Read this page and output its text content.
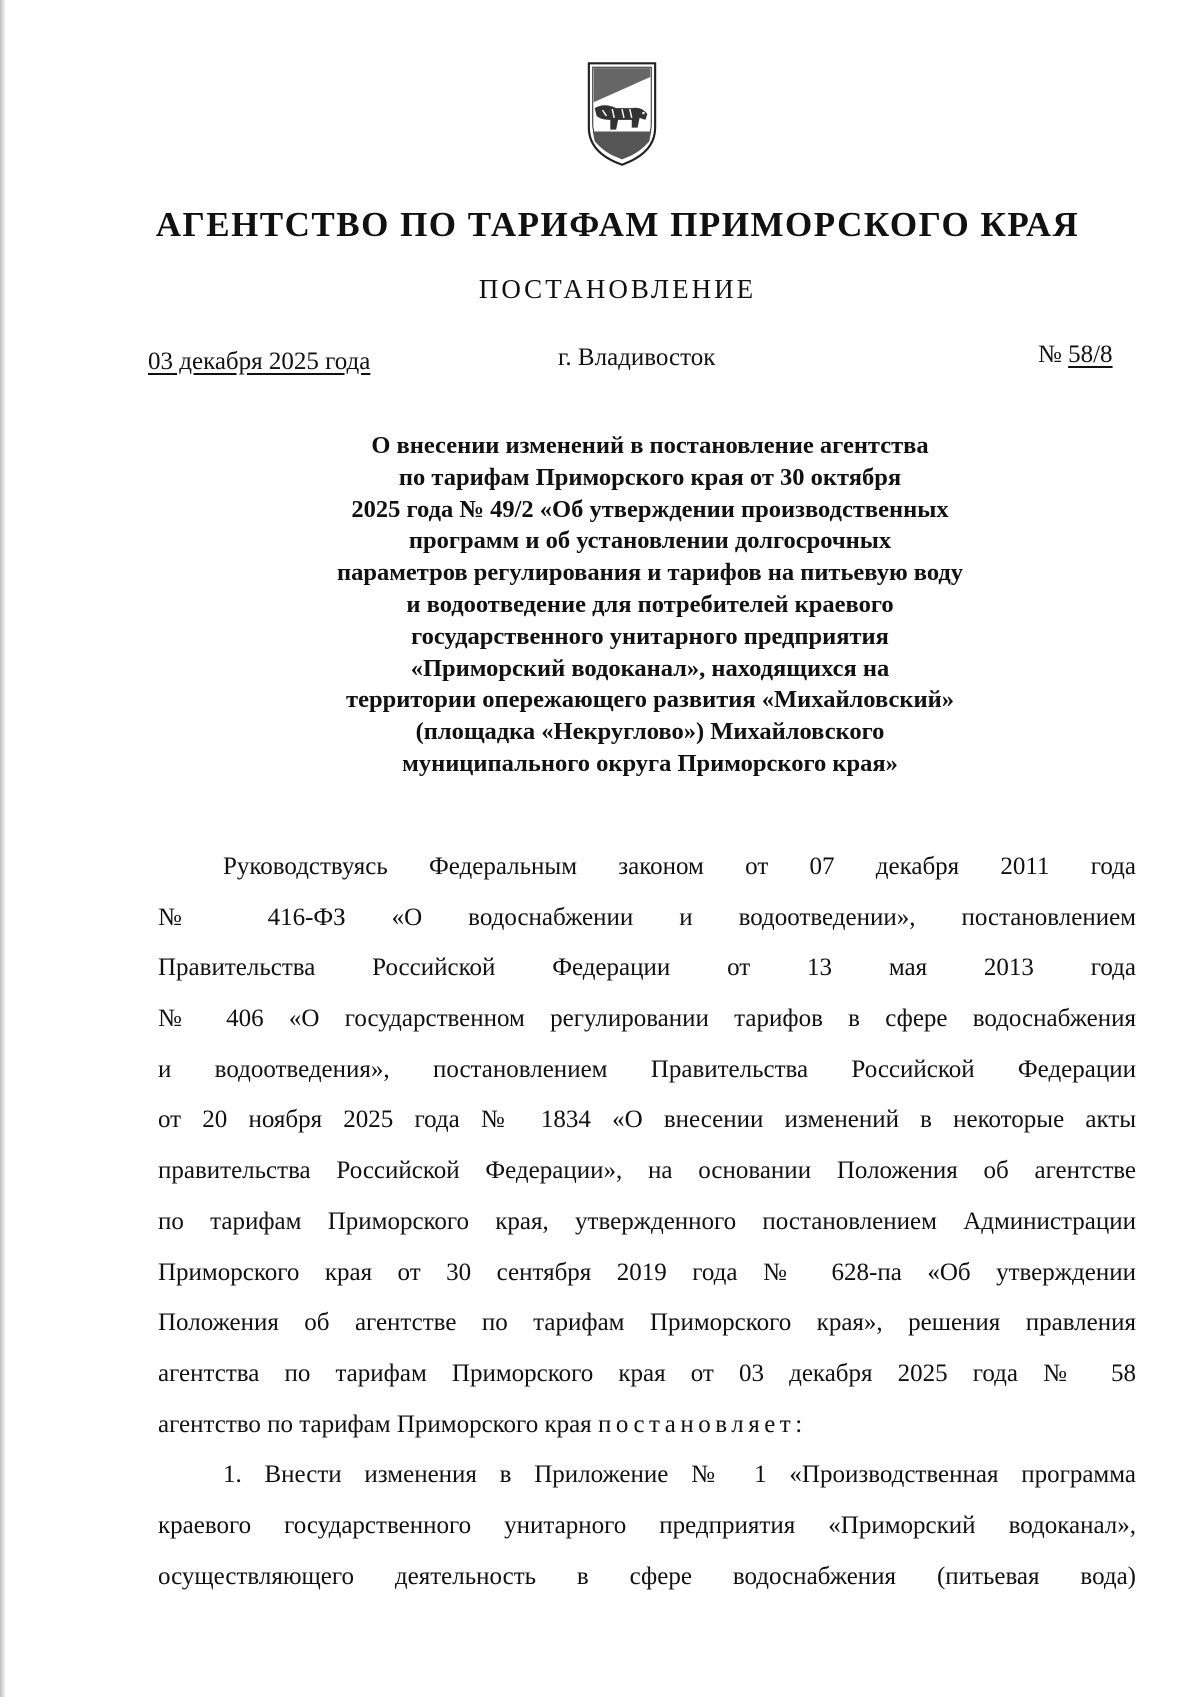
АГЕНТСТВО ПО ТАРИФАМ ПРИМОРСКОГО КРАЯ
ПОСТАНОВЛЕНИЕ
03 декабря 2025 года	г. Владивосток	№ 58/8
О внесении изменений в постановление агентства
по тарифам Приморского края от 30 октября
2025 года № 49/2 «Об утверждении производственных
программ и об установлении долгосрочных
параметров регулирования и тарифов на питьевую воду
и водоотведение для потребителей краевого
государственного унитарного предприятия
«Приморский водоканал», находящихся на
территории опережающего развития «Михайловский»
(площадка «Некруглово») Михайловского
муниципального округа Приморского края»
Руководствуясь Федеральным законом от 07 декабря 2011 года
№ 416-ФЗ «О водоснабжении и водоотведении», постановлением
Правительства Российской Федерации от 13 мая 2013 года
№ 406 «О государственном регулировании тарифов в сфере водоснабжения
и водоотведения», постановлением Правительства Российской Федерации
от 20 ноября 2025 года № 1834 «О внесении изменений в некоторые акты
правительства Российской Федерации», на основании Положения об агентстве
по тарифам Приморского края, утвержденного постановлением Администрации
Приморского края от 30 сентября 2019 года № 628-па «Об утверждении
Положения об агентстве по тарифам Приморского края», решения правления
агентства по тарифам Приморского края от 03 декабря 2025 года № 58
агентство по тарифам Приморского края постановляет:
1. Внести изменения в Приложение № 1 «Производственная программа
краевого государственного унитарного предприятия «Приморский водоканал»,
осуществляющего деятельность в сфере водоснабжения (питьевая вода)
